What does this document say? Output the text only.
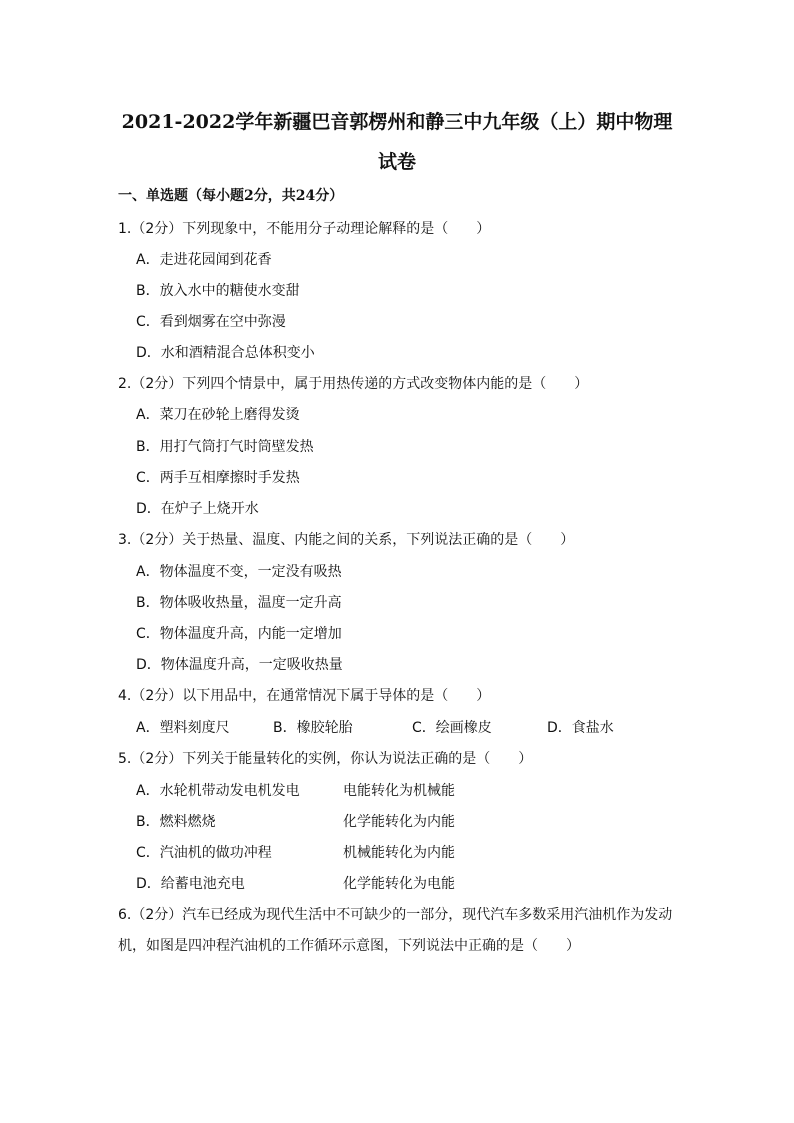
2021-2022学年新疆巴音郭楞州和静三中九年级（上）期中物理
试卷
一、单选题（每小题2分，共24分）
1.（2分）下列现象中，不能用分子动理论解释的是（　　）
A．走进花园闻到花香
B．放入水中的糖使水变甜
C．看到烟雾在空中弥漫
D．水和酒精混合总体积变小
2.（2分）下列四个情景中，属于用热传递的方式改变物体内能的是（　　）
A．菜刀在砂轮上磨得发烫
B．用打气筒打气时筒壁发热
C．两手互相摩擦时手发热
D．在炉子上烧开水
3.（2分）关于热量、温度、内能之间的关系，下列说法正确的是（　　）
A．物体温度不变，一定没有吸热
B．物体吸收热量，温度一定升高
C．物体温度升高，内能一定增加
D．物体温度升高，一定吸收热量
4.（2分）以下用品中，在通常情况下属于导体的是（　　）
A．塑料刻度尺	B．橡胶轮胎	C．绘画橡皮	D．食盐水
5.（2分）下列关于能量转化的实例，你认为说法正确的是（　　）
A．水轮机带动发电机发电	电能转化为机械能
B．燃料燃烧	化学能转化为内能
C．汽油机的做功冲程	机械能转化为内能
D．给蓄电池充电	化学能转化为电能
6.（2分）汽车已经成为现代生活中不可缺少的一部分，现代汽车多数采用汽油机作为发动
机，如图是四冲程汽油机的工作循环示意图，下列说法中正确的是（　　）
